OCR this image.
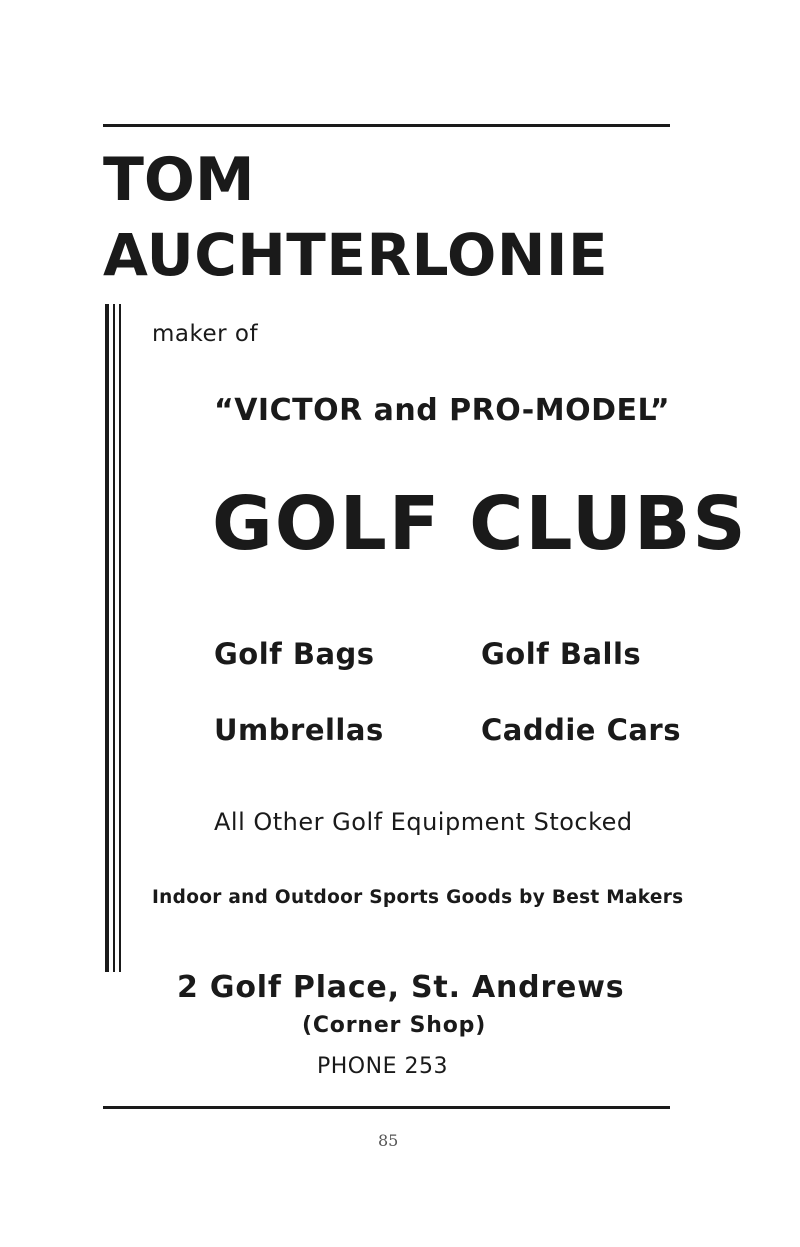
TOM
AUCHTERLONIE
maker of
“VICTOR and PRO-MODEL”
GOLF CLUBS
Golf Bags	Golf Balls
Umbrellas	Caddie Cars
All Other Golf Equipment Stocked
Indoor and Outdoor Sports Goods by Best Makers
2 Golf Place, St. Andrews
(Corner Shop)
PHONE 253
85
